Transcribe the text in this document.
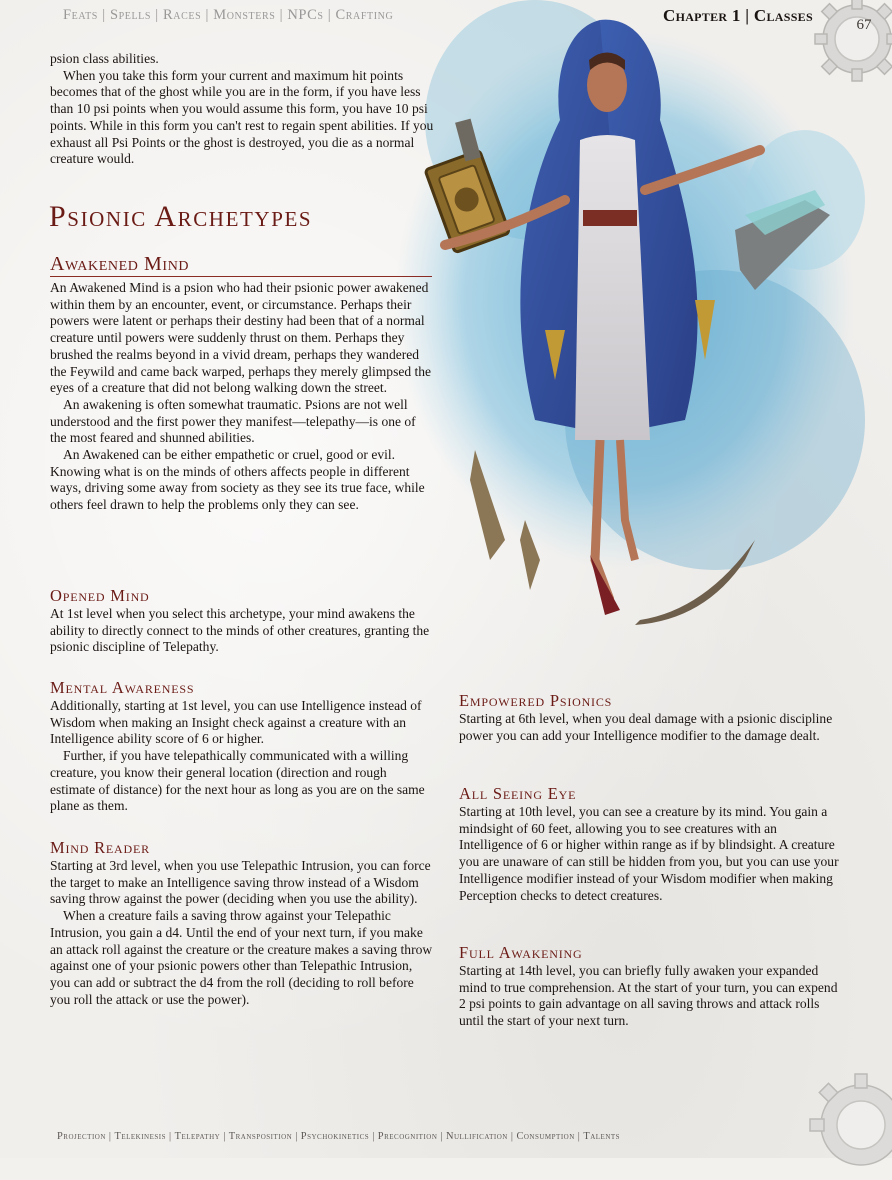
67
Feats | Spells | Races | Monsters | NPCs | Crafting	Chapter 1 | Classes

psion class abilities.

When you take this form your current and maximum hit points becomes that of the ghost while you are in the form, if you have less than 10 psi points when you would assume this form, you have 10 psi points. While in this form you can't rest to regain spent abilities. If you exhaust all Psi Points or the ghost is destroyed, you die as a normal creature would.

Psionic Archetypes
Awakened Mind

An Awakened Mind is a psion who had their psionic power awakened within them by an encounter, event, or circumstance. Perhaps their powers were latent or perhaps their destiny had been that of a normal creature until powers were suddenly thrust on them. Perhaps they brushed the realms beyond in a vivid dream, perhaps they wandered the Feywild and came back warped, perhaps they merely glimpsed the eyes of a creature that did not belong walking down the street.

An awakening is often somewhat traumatic. Psions are not well understood and the first power they manifest—telepathy—is one of the most feared and shunned abilities.

An Awakened can be either empathetic or cruel, good or evil. Knowing what is on the minds of others affects people in different ways, driving some away from society as they see its true face, while others feel drawn to help the problems only they can see.

Opened Mind

At 1st level when you select this archetype, your mind awakens the ability to directly connect to the minds of other creatures, granting the psionic discipline of Telepathy.

Mental Awareness

Additionally, starting at 1st level, you can use Intelligence instead of Wisdom when making an Insight check against a creature with an Intelligence ability score of 6 or higher.

Further, if you have telepathically communicated with a willing creature, you know their general location (direction and rough estimate of distance) for the next hour as long as you are on the same plane as them.

Mind Reader

Starting at 3rd level, when you use Telepathic Intrusion, you can force the target to make an Intelligence saving throw instead of a Wisdom saving throw against the power (deciding when you use the ability).

When a creature fails a saving throw against your Telepathic Intrusion, you gain a d4. Until the end of your next turn, if you make an attack roll against the creature or the creature makes a saving throw against one of your psionic powers other than Telepathic Intrusion, you can add or subtract the d4 from the roll (deciding to roll before you roll the attack or use the power).

Empowered Psionics

Starting at 6th level, when you deal damage with a psionic discipline power you can add your Intelligence modifier to the damage dealt.

All Seeing Eye

Starting at 10th level, you can see a creature by its mind. You gain a mindsight of 60 feet, allowing you to see creatures with an Intelligence of 6 or higher within range as if by blindsight. A creature you are unaware of can still be hidden from you, but you can use your Intelligence modifier instead of your Wisdom modifier when making Perception checks to detect creatures.

Full Awakening

Starting at 14th level, you can briefly fully awaken your expanded mind to true comprehension. At the start of your turn, you can expend 2 psi points to gain advantage on all saving throws and attack rolls until the start of your next turn.

Projection | Telekinesis | Telepathy | Transposition | Psychokinetics | Precognition | Nullification | Consumption | Talents
